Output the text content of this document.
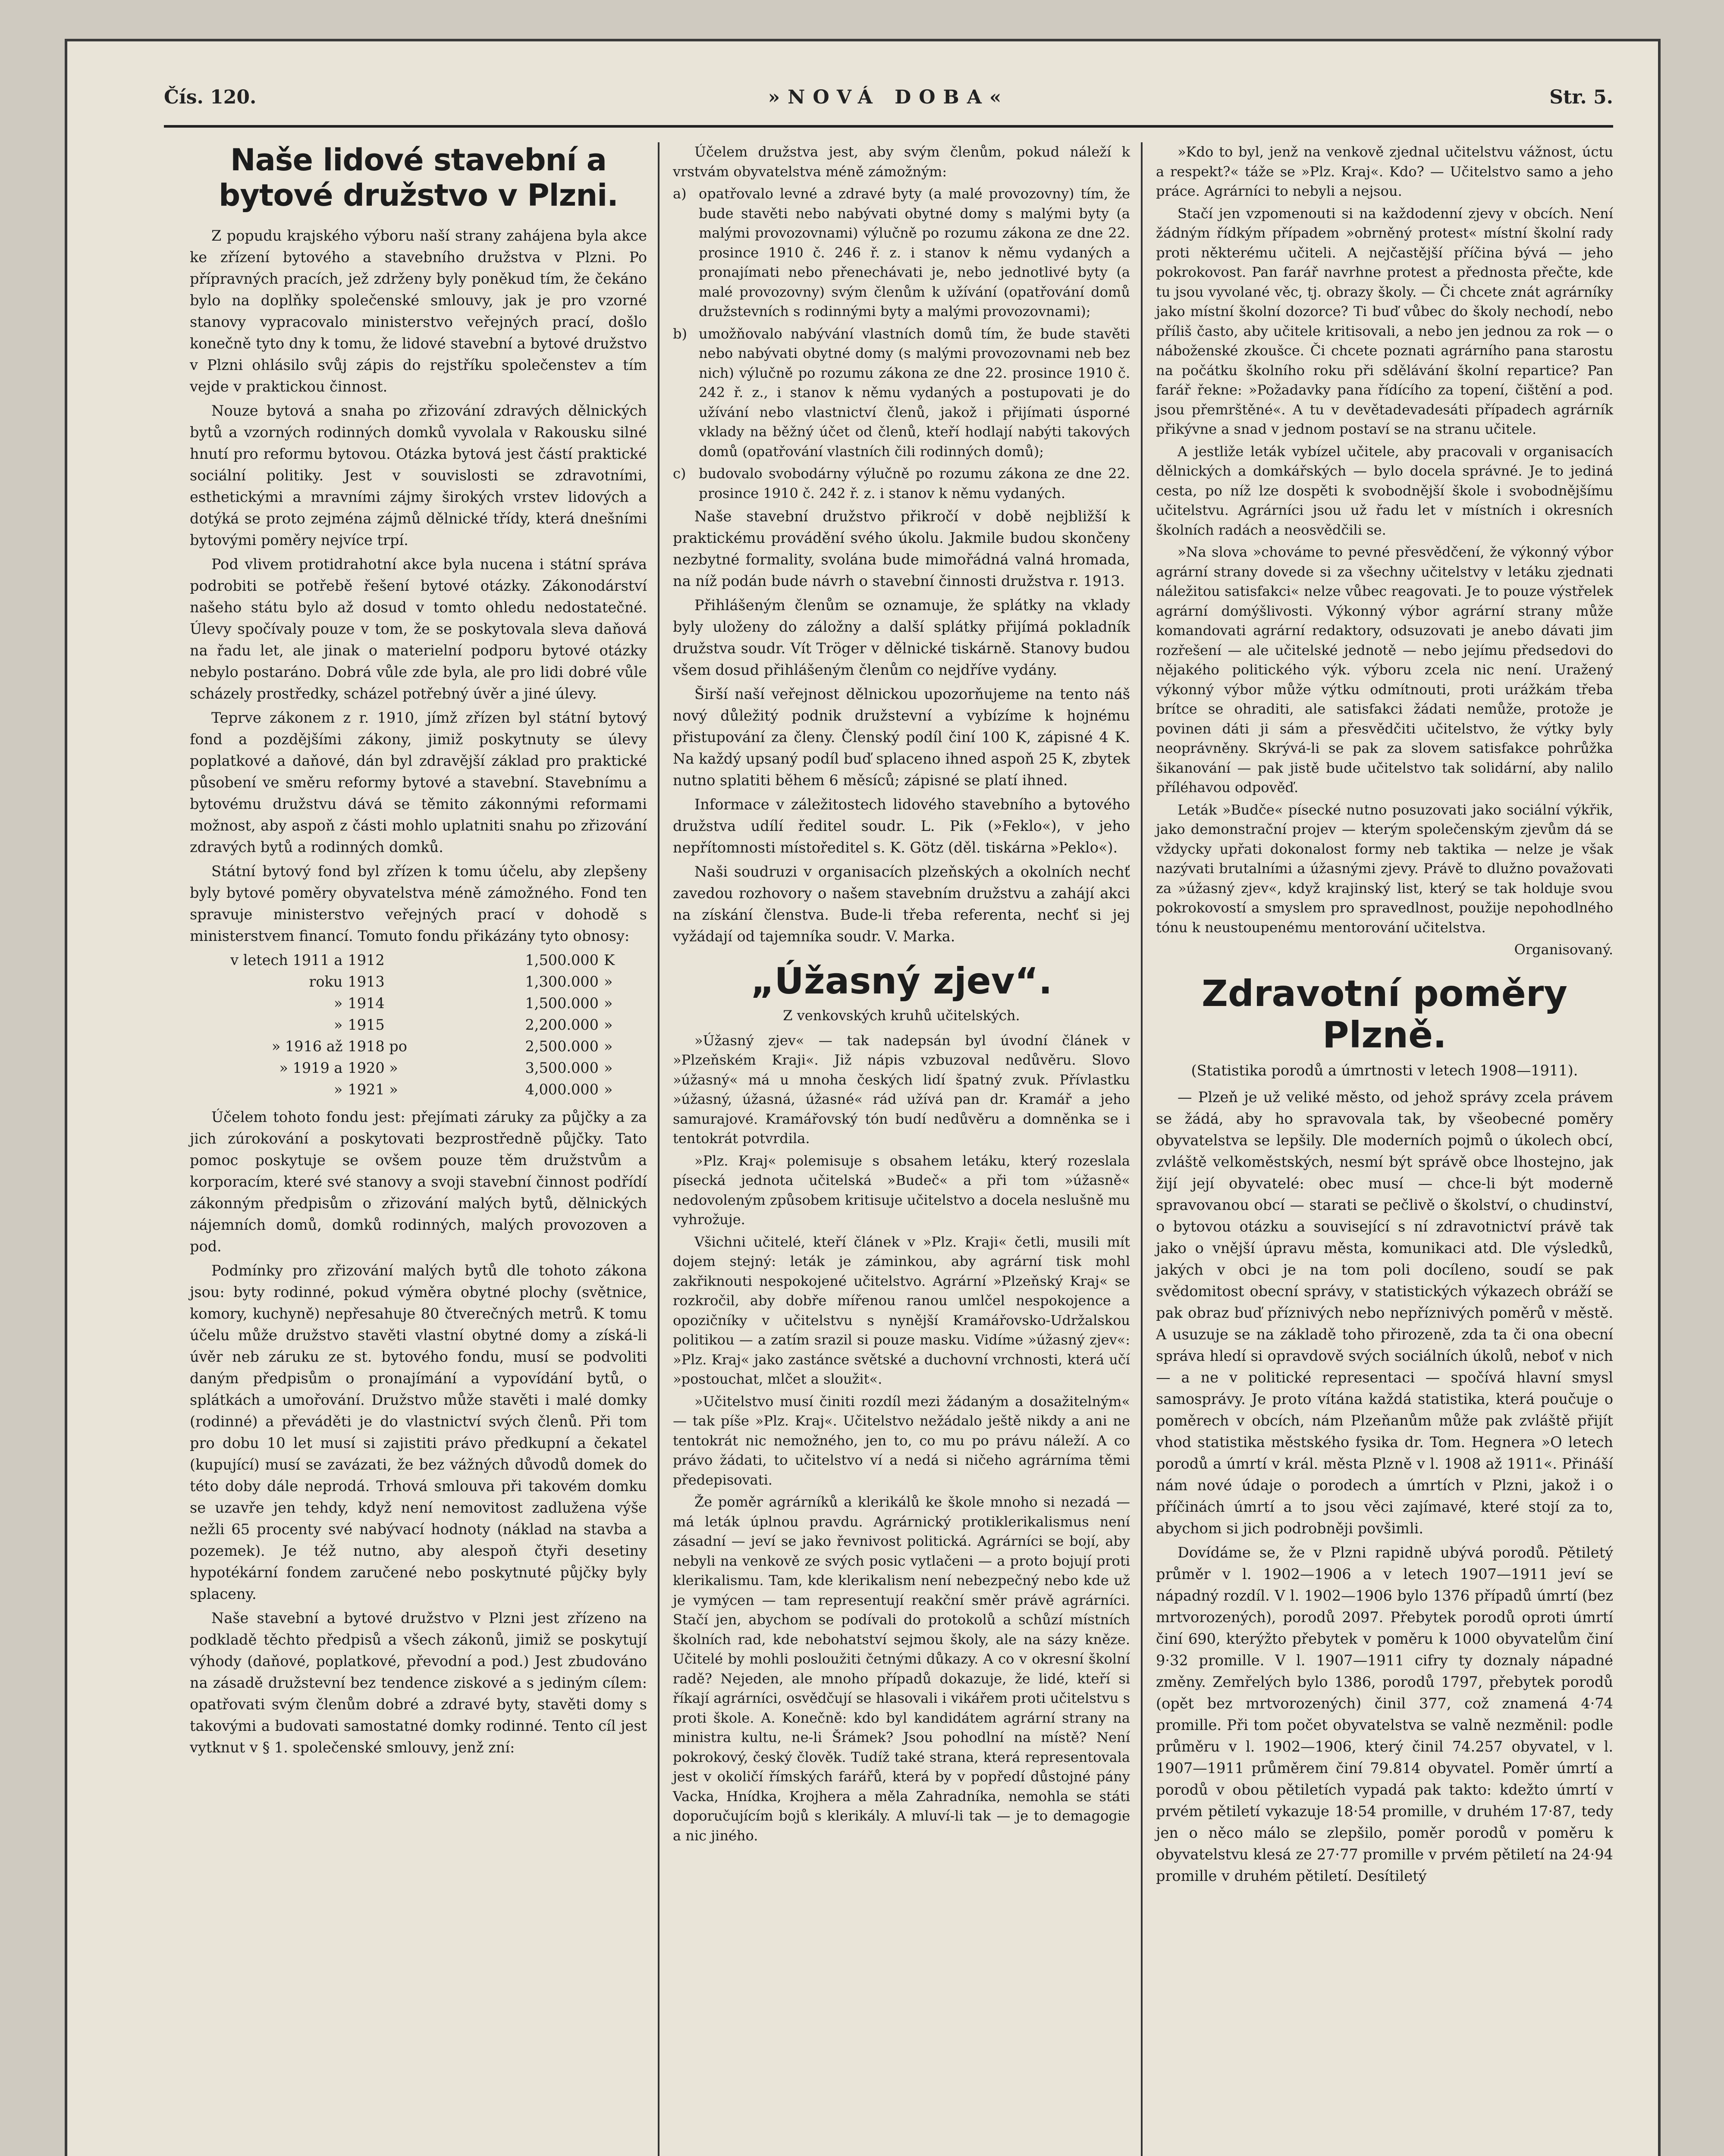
Čís. 120.	»NOVÁ DOBA«	Str. 5.
Naše lidové stavební a bytové družstvo v Plzni.

Z popudu krajského výboru naší strany zahájena byla akce ke zřízení bytového a stavebního družstva v Plzni. Po přípravných pracích, jež zdrženy byly poněkud tím, že čekáno bylo na doplňky společenské smlouvy, jak je pro vzorné stanovy vypracovalo ministerstvo veřejných prací, došlo konečně tyto dny k tomu, že lidové stavební a bytové družstvo v Plzni ohlásilo svůj zápis do rejstříku společenstev a tím vejde v praktickou činnost.

Nouze bytová a snaha po zřizování zdravých dělnických bytů a vzorných rodinných domků vyvolala v Rakousku silné hnutí pro reformu bytovou. Otázka bytová jest částí praktické sociální politiky. Jest v souvislosti se zdravotními, esthetickými a mravními zájmy širokých vrstev lidových a dotýká se proto zejména zájmů dělnické třídy, která dnešními bytovými poměry nejvíce trpí.

Pod vlivem protidrahotní akce byla nucena i státní správa podrobiti se potřebě řešení bytové otázky. Zákonodárství našeho státu bylo až dosud v tomto ohledu nedostatečné. Úlevy spočívaly pouze v tom, že se poskytovala sleva daňová na řadu let, ale jinak o materielní podporu bytové otázky nebylo postaráno. Dobrá vůle zde byla, ale pro lidi dobré vůle scházely prostředky, scházel potřebný úvěr a jiné úlevy.

Teprve zákonem z r. 1910, jímž zřízen byl státní bytový fond a pozdějšími zákony, jimiž poskytnuty se úlevy poplatkové a daňové, dán byl zdravější základ pro praktické působení ve směru reformy bytové a stavební. Stavebnímu a bytovému družstvu dává se těmito zákonnými reformami možnost, aby aspoň z části mohlo uplatniti snahu po zřizování zdravých bytů a rodinných domků.

Státní bytový fond byl zřízen k tomu účelu, aby zlepšeny byly bytové poměry obyvatelstva méně zámožného. Fond ten spravuje ministerstvo veřejných prací v dohodě s ministerstvem financí. Tomuto fondu přikázány tyto obnosy:

v letech 1911 a	1912	1,500.000	K
roku	1913	1,300.000	»
»	1914	1,500.000	»
»	1915	2,200.000	»
» 1916 až	1918 po	2,500.000	»
» 1919 a	1920 »	3,500.000	»
»	1921 »	4,000.000	»

Účelem tohoto fondu jest: přejímati záruky za půjčky a za jich zúrokování a poskytovati bezprostředně půjčky. Tato pomoc poskytuje se ovšem pouze těm družstvům a korporacím, které své stanovy a svoji stavební činnost podřídí zákonným předpisům o zřizování malých bytů, dělnických nájemních domů, domků rodinných, malých provozoven a pod.

Podmínky pro zřizování malých bytů dle tohoto zákona jsou: byty rodinné, pokud výměra obytné plochy (světnice, komory, kuchyně) nepřesahuje 80 čtverečných metrů. K tomu účelu může družstvo stavěti vlastní obytné domy a získá-li úvěr neb záruku ze st. bytového fondu, musí se podvoliti daným předpisům o pronajímání a vypovídání bytů, o splátkách a umořování. Družstvo může stavěti i malé domky (rodinné) a převáděti je do vlastnictví svých členů. Při tom pro dobu 10 let musí si zajistiti právo předkupní a čekatel (kupující) musí se zavázati, že bez vážných důvodů domek do této doby dále neprodá. Trhová smlouva při takovém domku se uzavře jen tehdy, když není nemovitost zadlužena výše nežli 65 procenty své nabývací hodnoty (náklad na stavba a pozemek). Je též nutno, aby alespoň čtyři desetiny hypotékární fondem zaručené nebo poskytnuté půjčky byly splaceny.

Naše stavební a bytové družstvo v Plzni jest zřízeno na podkladě těchto předpisů a všech zákonů, jimiž se poskytují výhody (daňové, poplatkové, převodní a pod.) Jest zbudováno na zásadě družstevní bez tendence ziskové a s jediným cílem: opatřovati svým členům dobré a zdravé byty, stavěti domy s takovými a budovati samostatné domky rodinné. Tento cíl jest vytknut v § 1. společenské smlouvy, jenž zní:

Účelem družstva jest, aby svým členům, pokud náleží k vrstvám obyvatelstva méně zámožným:

a) opatřovalo levné a zdravé byty (a malé provozovny) tím, že bude stavěti nebo nabývati obytné domy s malými byty (a malými provozovnami) výlučně po rozumu zákona ze dne 22. prosince 1910 č. 246 ř. z. i stanov k němu vydaných a pronajímati nebo přenechávati je, nebo jednotlivé byty (a malé provozovny) svým členům k užívání (opatřování domů družstevních s rodinnými byty a malými provozovnami);

b) umožňovalo nabývání vlastních domů tím, že bude stavěti nebo nabývati obytné domy (s malými provozovnami neb bez nich) výlučně po rozumu zákona ze dne 22. prosince 1910 č. 242 ř. z., i stanov k němu vydaných a postupovati je do užívání nebo vlastnictví členů, jakož i přijímati úsporné vklady na běžný účet od členů, kteří hodlají nabýti takových domů (opatřování vlastních čili rodinných domů);

c) budovalo svobodárny výlučně po rozumu zákona ze dne 22. prosince 1910 č. 242 ř. z. i stanov k němu vydaných.

Naše stavební družstvo přikročí v době nejbližší k praktickému provádění svého úkolu. Jakmile budou skončeny nezbytné formality, svolána bude mimořádná valná hromada, na níž podán bude návrh o stavební činnosti družstva r. 1913.

Přihlášeným členům se oznamuje, že splátky na vklady byly uloženy do záložny a další splátky přijímá pokladník družstva soudr. Vít Tröger v dělnické tiskárně. Stanovy budou všem dosud přihlášeným členům co nejdříve vydány.

Širší naší veřejnost dělnickou upozorňujeme na tento náš nový důležitý podnik družstevní a vybízíme k hojnému přistupování za členy. Členský podíl činí 100 K, zápisné 4 K. Na každý upsaný podíl buď splaceno ihned aspoň 25 K, zbytek nutno splatiti během 6 měsíců; zápisné se platí ihned.

Informace v záležitostech lidového stavebního a bytového družstva udílí ředitel soudr. L. Pik (»Feklo«), v jeho nepřítomnosti místoředitel s. K. Götz (děl. tiskárna »Peklo«).

Naši soudruzi v organisacích plzeňských a okolních nechť zavedou rozhovory o našem stavebním družstvu a zahájí akci na získání členstva. Bude-li třeba referenta, nechť si jej vyžádají od tajemníka soudr. V. Marka.

„Úžasný zjev“.

Z venkovských kruhů učitelských.

»Úžasný zjev« — tak nadepsán byl úvodní článek v »Plzeňském Kraji«. Již nápis vzbuzoval nedůvěru. Slovo »úžasný« má u mnoha českých lidí špatný zvuk. Přívlastku »úžasný, úžasná, úžasné« rád užívá pan dr. Kramář a jeho samurajové. Kramářovský tón budí nedůvěru a domněnka se i tentokrát potvrdila.

»Plz. Kraj« polemisuje s obsahem letáku, který rozeslala písecká jednota učitelská »Budeč« a při tom »úžasně« nedovoleným způsobem kritisuje učitelstvo a docela neslušně mu vyhrožuje.

Všichni učitelé, kteří článek v »Plz. Kraji« četli, musili mít dojem stejný: leták je záminkou, aby agrární tisk mohl zakřiknouti nespokojené učitelstvo. Agrární »Plzeňský Kraj« se rozkročil, aby dobře mířenou ranou umlčel nespokojence a opozičníky v učitelstvu s nynější Kramářovsko-Udržalskou politikou — a zatím srazil si pouze masku. Vidíme »úžasný zjev«: »Plz. Kraj« jako zastánce světské a duchovní vrchnosti, která učí »postouchat, mlčet a sloužit«.

»Učitelstvo musí činiti rozdíl mezi žádaným a dosažitelným« — tak píše »Plz. Kraj«. Učitelstvo nežádalo ještě nikdy a ani ne tentokrát nic nemožného, jen to, co mu po právu náleží. A co právo žádati, to učitelstvo ví a nedá si ničeho agrárníma těmi předepisovati.

Že poměr agrárníků a klerikálů ke škole mnoho si nezadá — má leták úplnou pravdu. Agrárnický protiklerikalismus není zásadní — jeví se jako řevnivost politická. Agrárníci se bojí, aby nebyli na venkově ze svých posic vytlačeni — a proto bojují proti klerikalismu. Tam, kde klerikalism není nebezpečný nebo kde už je vymýcen — tam representují reakční směr právě agrárníci. Stačí jen, abychom se podívali do protokolů a schůzí místních školních rad, kde nebohatství sejmou školy, ale na sázy kněze. Učitelé by mohli posloužiti četnými důkazy. A co v okresní školní radě? Nejeden, ale mnoho případů dokazuje, že lidé, kteří si říkají agrárníci, osvědčují se hlasovali i vikářem proti učitelstvu s proti škole. A. Konečně: kdo byl kandidátem agrární strany na ministra kultu, ne-li Šrámek? Jsou pohodlní na místě? Není pokrokový, český člověk. Tudíž také strana, která representovala jest v okoličí římských farářů, která by v popředí důstojné pány Vacka, Hnídka, Krojhera a měla Zahradníka, nemohla se státi doporučujícím bojů s klerikály. A mluví-li tak — je to demagogie a nic jiného.

»Kdo to byl, jenž na venkově zjednal učitelstvu vážnost, úctu a respekt?« táže se »Plz. Kraj«. Kdo? — Učitelstvo samo a jeho práce. Agrárníci to nebyli a nejsou.

Stačí jen vzpomenouti si na každodenní zjevy v obcích. Není žádným řídkým případem »obrněný protest« místní školní rady proti některému učiteli. A nejčastější příčina bývá — jeho pokrokovost. Pan farář navrhne protest a přednosta přečte, kde tu jsou vyvolané věc, tj. obrazy školy. — Či chcete znát agrárníky jako místní školní dozorce? Ti buď vůbec do školy nechodí, nebo příliš často, aby učitele kritisovali, a nebo jen jednou za rok — o náboženské zkoušce. Či chcete poznati agrárního pana starostu na počátku školního roku při sdělávání školní repartice? Pan farář řekne: »Požadavky pana řídícího za topení, čištění a pod. jsou přemrštěné«. A tu v devětadevadesáti případech agrárník přikývne a snad v jednom postaví se na stranu učitele.

A jestliže leták vybízel učitele, aby pracovali v organisacích dělnických a domkářských — bylo docela správné. Je to jediná cesta, po níž lze dospěti k svobodnější škole i svobodnějšímu učitelstvu. Agrárníci jsou už řadu let v místních i okresních školních radách a neosvědčili se.

»Na slova »chováme to pevné přesvědčení, že výkonný výbor agrární strany dovede si za všechny učitelstvy v letáku zjednati náležitou satisfakci« nelze vůbec reagovati. Je to pouze výstřelek agrární domýšlivosti. Výkonný výbor agrární strany může komandovati agrární redaktory, odsuzovati je anebo dávati jim rozřešení — ale učitelské jednotě — nebo jejímu předsedovi do nějakého politického výk. výboru zcela nic není. Uražený výkonný výbor může výtku odmítnouti, proti urážkám třeba brítce se ohraditi, ale satisfakci žádati nemůže, protože je povinen dáti ji sám a přesvědčiti učitelstvo, že výtky byly neoprávněny. Skrývá-li se pak za slovem satisfakce pohrůžka šikanování — pak jistě bude učitelstvo tak solidární, aby nalilo příléhavou odpověď.

Leták »Budče« písecké nutno posuzovati jako sociální výkřik, jako demonstrační projev — kterým společenským zjevům dá se vždycky upřati dokonalost formy neb taktika — nelze je však nazývati brutalními a úžasnými zjevy. Právě to dlužno považovati za »úžasný zjev«, když krajinský list, který se tak holduje svou pokrokovostí a smyslem pro spravedlnost, použije nepohodlného tónu k neustoupenému mentorování učitelstva.

Organisovaný.

Zdravotní poměry Plzně.

(Statistika porodů a úmrtnosti v letech 1908—1911).

— Plzeň je už veliké město, od jehož správy zcela právem se žádá, aby ho spravovala tak, by všeobecné poměry obyvatelstva se lepšily. Dle moderních pojmů o úkolech obcí, zvláště velkoměstských, nesmí být správě obce lhostejno, jak žijí její obyvatelé: obec musí — chce-li být moderně spravovanou obcí — starati se pečlivě o školství, o chudinství, o bytovou otázku a související s ní zdravotnictví právě tak jako o vnější úpravu města, komunikaci atd. Dle výsledků, jakých v obci je na tom poli docíleno, soudí se pak svědomitost obecní správy, v statistických výkazech obráží se pak obraz buď příznivých nebo nepříznivých poměrů v městě. A usuzuje se na základě toho přirozeně, zda ta či ona obecní správa hledí si opravdově svých sociálních úkolů, neboť v nich — a ne v politické representaci — spočívá hlavní smysl samosprávy. Je proto vítána každá statistika, která poučuje o poměrech v obcích, nám Plzeňanům může pak zvláště přijít vhod statistika městského fysika dr. Tom. Hegnera »O letech porodů a úmrtí v král. města Plzně v l. 1908 až 1911«. Přináší nám nové údaje o porodech a úmrtích v Plzni, jakož i o příčinách úmrtí a to jsou věci zajímavé, které stojí za to, abychom si jich podrobněji povšimli.

Dovídáme se, že v Plzni rapidně ubývá porodů. Pětiletý průměr v l. 1902—1906 a v letech 1907—1911 jeví se nápadný rozdíl. V l. 1902—1906 bylo 1376 případů úmrtí (bez mrtvorozených), porodů 2097. Přebytek porodů oproti úmrtí činí 690, kterýžto přebytek v poměru k 1000 obyvatelům činí 9·32 promille. V l. 1907—1911 cifry ty doznaly nápadné změny. Zemřelých bylo 1386, porodů 1797, přebytek porodů (opět bez mrtvorozených) činil 377, což znamená 4·74 promille. Při tom počet obyvatelstva se valně nezměnil: podle průměru v l. 1902—1906, který činil 74.257 obyvatel, v l. 1907—1911 průměrem činí 79.814 obyvatel. Poměr úmrtí a porodů v obou pětiletích vypadá pak takto: kdežto úmrtí v prvém pětiletí vykazuje 18·54 promille, v druhém 17·87, tedy jen o něco málo se zlepšilo, poměr porodů v poměru k obyvatelstvu klesá ze 27·77 promille v prvém pětiletí na 24·94 promille v druhém pětiletí. Desítiletý
